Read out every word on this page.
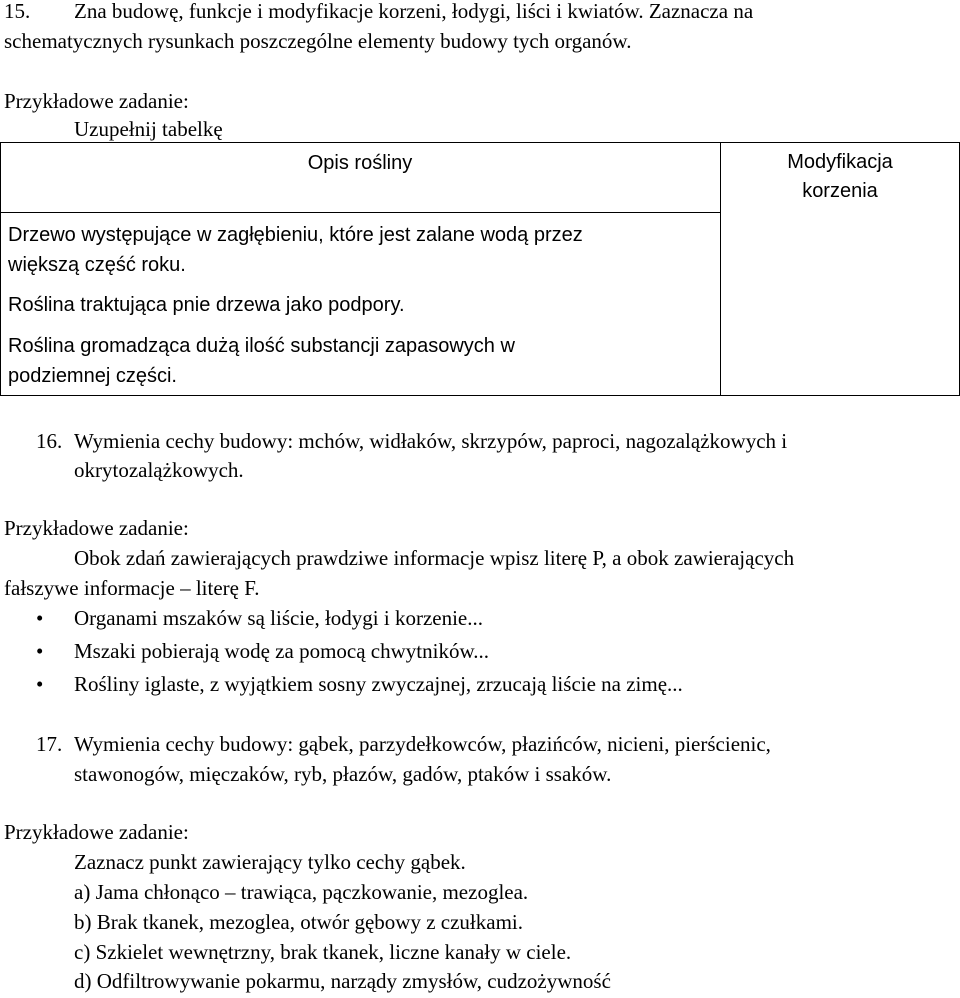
15. Zna budowę, funkcje i modyfikacje korzeni, łodygi, liści i kwiatów. Zaznacza na
schematycznych rysunkach poszczególne elementy budowy tych organów.
Przykładowe zadanie:
Uzupełnij tabelkę
Opis rośliny	Modyfikacja
korzenia
Drzewo występujące w zagłębieniu, które jest zalane wodą przez
większą część roku.
Roślina traktująca pnie drzewa jako podpory.
Roślina gromadząca dużą ilość substancji zapasowych w
podziemnej części.
16. Wymienia cechy budowy: mchów, widłaków, skrzypów, paproci, nagozalążkowych i
okrytozalążkowych.
Przykładowe zadanie:
Obok zdań zawierających prawdziwe informacje wpisz literę P, a obok zawierających
fałszywe informacje – literę F.
• Organami mszaków są liście, łodygi i korzenie...
• Mszaki pobierają wodę za pomocą chwytników...
• Rośliny iglaste, z wyjątkiem sosny zwyczajnej, zrzucają liście na zimę...
17. Wymienia cechy budowy: gąbek, parzydełkowców, płazińców, nicieni, pierścienic,
stawonogów, mięczaków, ryb, płazów, gadów, ptaków i ssaków.
Przykładowe zadanie:
Zaznacz punkt zawierający tylko cechy gąbek.
a) Jama chłonąco – trawiąca, pączkowanie, mezoglea.
b) Brak tkanek, mezoglea, otwór gębowy z czułkami.
c) Szkielet wewnętrzny, brak tkanek, liczne kanały w ciele.
d) Odfiltrowywanie pokarmu, narządy zmysłów, cudzożywność
